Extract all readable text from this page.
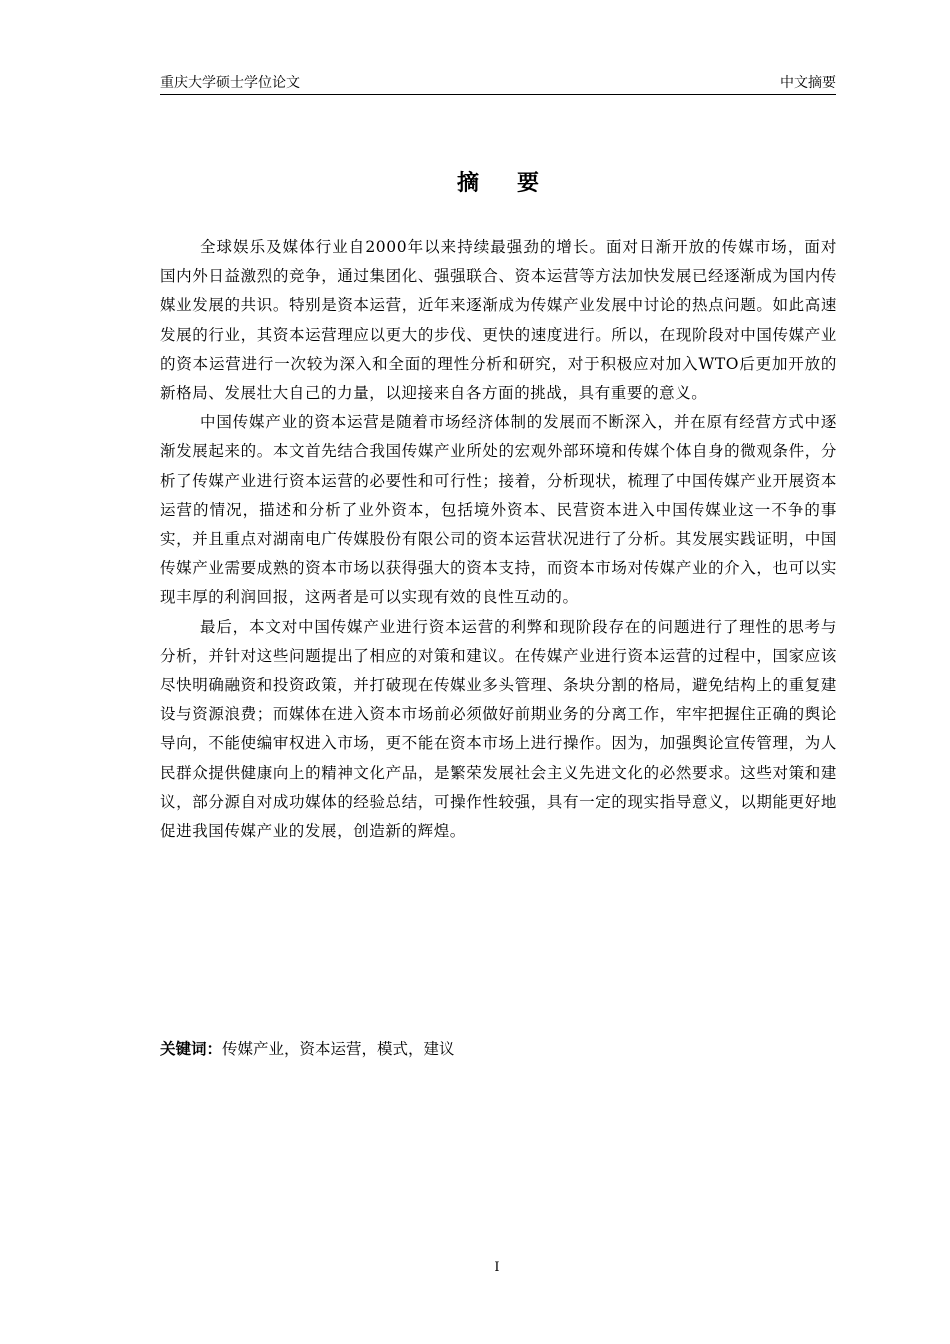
重庆大学硕士学位论文	中文摘要
摘要

全球娱乐及媒体行业自2000年以来持续最强劲的增长。面对日渐开放的传媒市场，面对国内外日益激烈的竞争，通过集团化、强强联合、资本运营等方法加快发展已经逐渐成为国内传媒业发展的共识。特别是资本运营，近年来逐渐成为传媒产业发展中讨论的热点问题。如此高速发展的行业，其资本运营理应以更大的步伐、更快的速度进行。所以，在现阶段对中国传媒产业的资本运营进行一次较为深入和全面的理性分析和研究，对于积极应对加入WTO后更加开放的新格局、发展壮大自己的力量，以迎接来自各方面的挑战，具有重要的意义。

中国传媒产业的资本运营是随着市场经济体制的发展而不断深入，并在原有经营方式中逐渐发展起来的。本文首先结合我国传媒产业所处的宏观外部环境和传媒个体自身的微观条件，分析了传媒产业进行资本运营的必要性和可行性；接着，分析现状，梳理了中国传媒产业开展资本运营的情况，描述和分析了业外资本，包括境外资本、民营资本进入中国传媒业这一不争的事实，并且重点对湖南电广传媒股份有限公司的资本运营状况进行了分析。其发展实践证明，中国传媒产业需要成熟的资本市场以获得强大的资本支持，而资本市场对传媒产业的介入，也可以实现丰厚的利润回报，这两者是可以实现有效的良性互动的。

最后，本文对中国传媒产业进行资本运营的利弊和现阶段存在的问题进行了理性的思考与分析，并针对这些问题提出了相应的对策和建议。在传媒产业进行资本运营的过程中，国家应该尽快明确融资和投资政策，并打破现在传媒业多头管理、条块分割的格局，避免结构上的重复建设与资源浪费；而媒体在进入资本市场前必须做好前期业务的分离工作，牢牢把握住正确的舆论导向，不能使编审权进入市场，更不能在资本市场上进行操作。因为，加强舆论宣传管理，为人民群众提供健康向上的精神文化产品，是繁荣发展社会主义先进文化的必然要求。这些对策和建议，部分源自对成功媒体的经验总结，可操作性较强，具有一定的现实指导意义，以期能更好地促进我国传媒产业的发展，创造新的辉煌。

关键词：传媒产业，资本运营，模式，建议
I
